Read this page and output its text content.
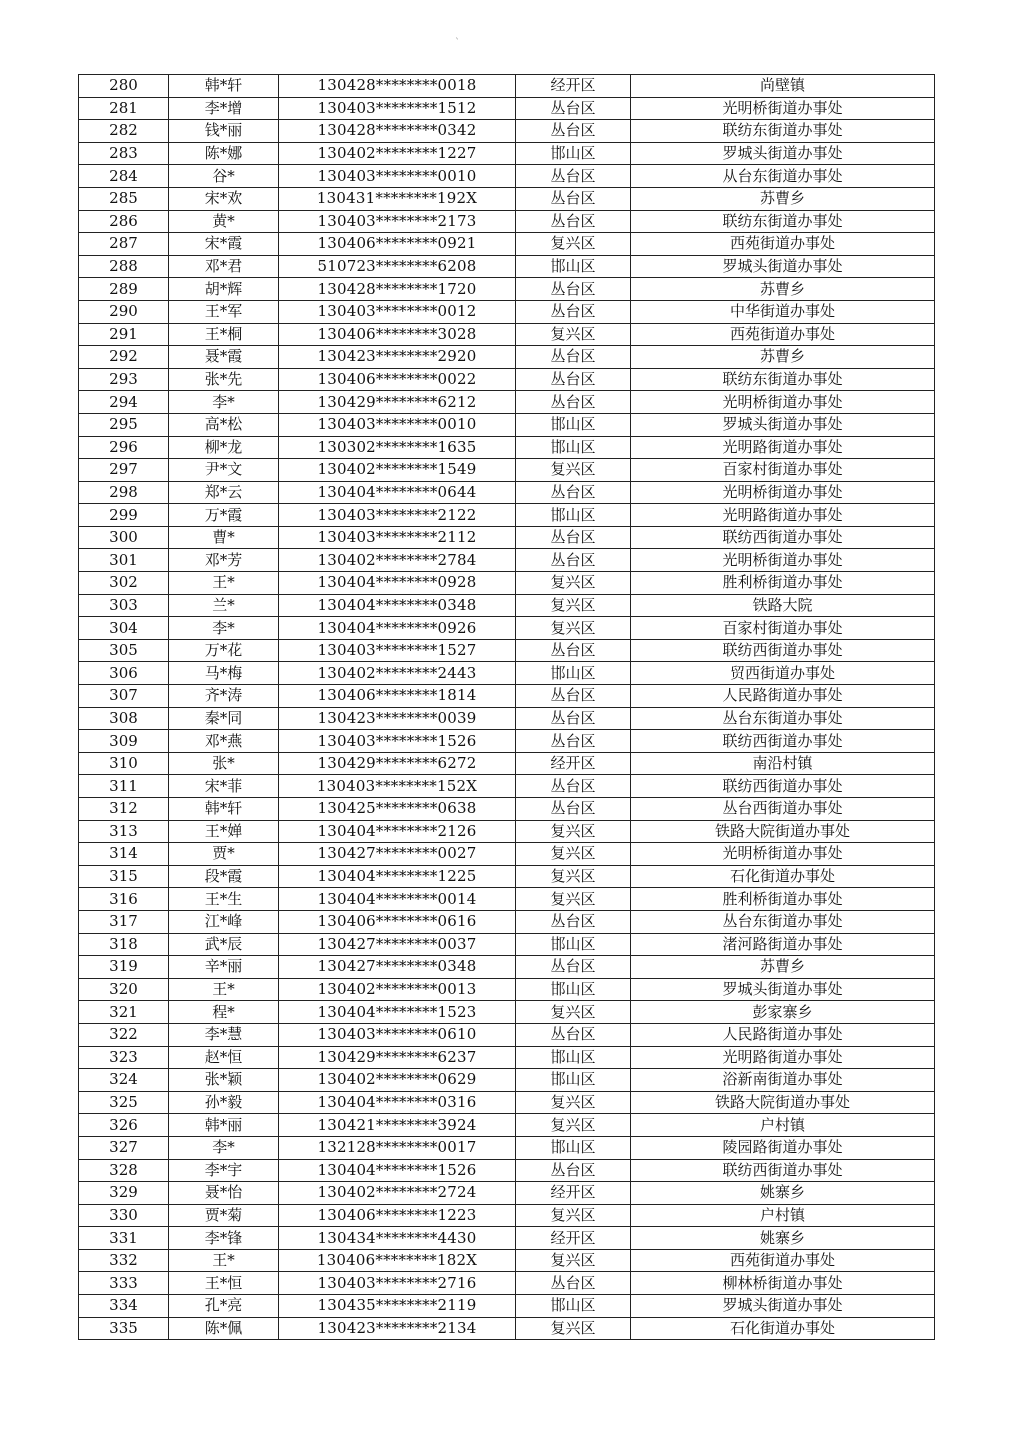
`
280	韩*轩	130428********0018	经开区	尚壁镇
281	李*增	130403********1512	丛台区	光明桥街道办事处
282	钱*丽	130428********0342	丛台区	联纺东街道办事处
283	陈*娜	130402********1227	邯山区	罗城头街道办事处
284	谷*	130403********0010	丛台区	从台东街道办事处
285	宋*欢	130431********192X	丛台区	苏曹乡
286	黄*	130403********2173	丛台区	联纺东街道办事处
287	宋*霞	130406********0921	复兴区	西苑街道办事处
288	邓*君	510723********6208	邯山区	罗城头街道办事处
289	胡*辉	130428********1720	丛台区	苏曹乡
290	王*军	130403********0012	丛台区	中华街道办事处
291	王*桐	130406********3028	复兴区	西苑街道办事处
292	聂*霞	130423********2920	丛台区	苏曹乡
293	张*先	130406********0022	丛台区	联纺东街道办事处
294	李*	130429********6212	丛台区	光明桥街道办事处
295	高*松	130403********0010	邯山区	罗城头街道办事处
296	柳*龙	130302********1635	邯山区	光明路街道办事处
297	尹*文	130402********1549	复兴区	百家村街道办事处
298	郑*云	130404********0644	丛台区	光明桥街道办事处
299	万*霞	130403********2122	邯山区	光明路街道办事处
300	曹*	130403********2112	丛台区	联纺西街道办事处
301	邓*芳	130402********2784	丛台区	光明桥街道办事处
302	王*	130404********0928	复兴区	胜利桥街道办事处
303	兰*	130404********0348	复兴区	铁路大院
304	李*	130404********0926	复兴区	百家村街道办事处
305	万*花	130403********1527	丛台区	联纺西街道办事处
306	马*梅	130402********2443	邯山区	贸西街道办事处
307	齐*涛	130406********1814	丛台区	人民路街道办事处
308	秦*同	130423********0039	丛台区	丛台东街道办事处
309	邓*燕	130403********1526	丛台区	联纺西街道办事处
310	张*	130429********6272	经开区	南沿村镇
311	宋*菲	130403********152X	丛台区	联纺西街道办事处
312	韩*轩	130425********0638	丛台区	丛台西街道办事处
313	王*婵	130404********2126	复兴区	铁路大院街道办事处
314	贾*	130427********0027	复兴区	光明桥街道办事处
315	段*霞	130404********1225	复兴区	石化街道办事处
316	王*生	130404********0014	复兴区	胜利桥街道办事处
317	江*峰	130406********0616	丛台区	丛台东街道办事处
318	武*辰	130427********0037	邯山区	渚河路街道办事处
319	辛*丽	130427********0348	丛台区	苏曹乡
320	王*	130402********0013	邯山区	罗城头街道办事处
321	程*	130404********1523	复兴区	彭家寨乡
322	李*慧	130403********0610	丛台区	人民路街道办事处
323	赵*恒	130429********6237	邯山区	光明路街道办事处
324	张*颖	130402********0629	邯山区	浴新南街道办事处
325	孙*毅	130404********0316	复兴区	铁路大院街道办事处
326	韩*丽	130421********3924	复兴区	户村镇
327	李*	132128********0017	邯山区	陵园路街道办事处
328	李*宇	130404********1526	丛台区	联纺西街道办事处
329	聂*怡	130402********2724	经开区	姚寨乡
330	贾*菊	130406********1223	复兴区	户村镇
331	李*锋	130434********4430	经开区	姚寨乡
332	王*	130406********182X	复兴区	西苑街道办事处
333	王*恒	130403********2716	丛台区	柳林桥街道办事处
334	孔*亮	130435********2119	邯山区	罗城头街道办事处
335	陈*佩	130423********2134	复兴区	石化街道办事处
